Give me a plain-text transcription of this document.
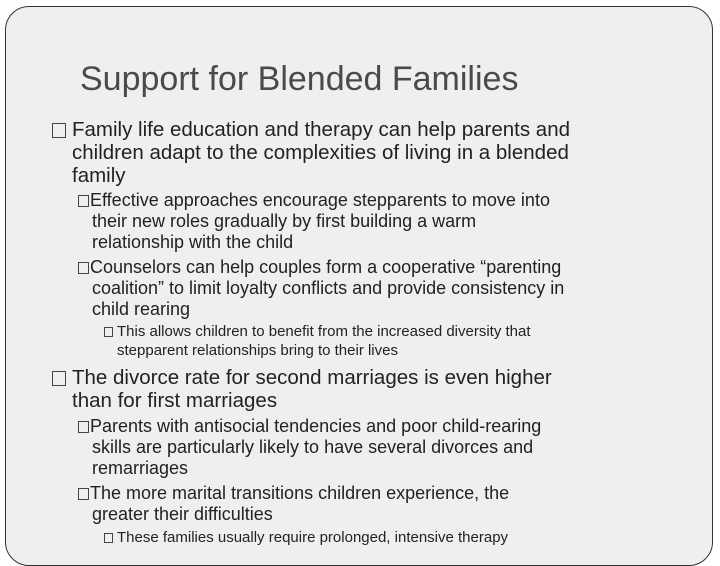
Support for Blended Families
Family life education and therapy can help parents and
children adapt to the complexities of living in a blended
family
Effective approaches encourage stepparents to move into
their new roles gradually by first building a warm
relationship with the child
Counselors can help couples form a cooperative “parenting
coalition” to limit loyalty conflicts and provide consistency in
child rearing
This allows children to benefit from the increased diversity that
stepparent relationships bring to their lives
The divorce rate for second marriages is even higher
than for first marriages
Parents with antisocial tendencies and poor child-rearing
skills are particularly likely to have several divorces and
remarriages
The more marital transitions children experience, the
greater their difficulties
These families usually require prolonged, intensive therapy
